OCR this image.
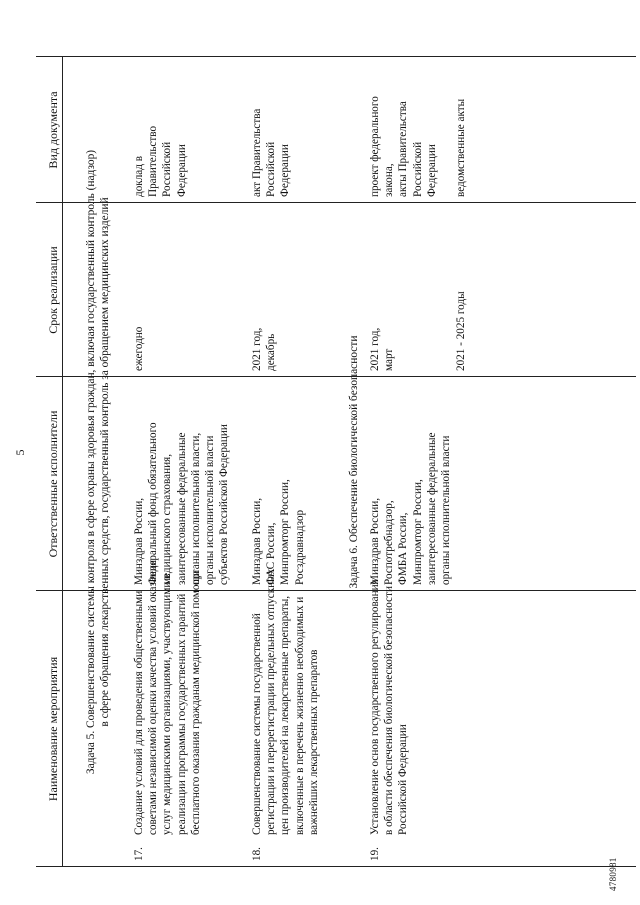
5
4780981
Наименование мероприятия
Ответственные исполнители
Срок реализации
Вид документа
Задача 5. Совершенствование системы контроля в сфере охраны здоровья граждан, включая государственный контроль (надзор) в сфере обращения лекарственных средств, государственный контроль за обращением медицинских изделий
17.
Создание условий для проведения общественными советами независимой оценки качества условий оказания услуг медицинскими организациями, участвующими в реализации программы государственных гарантий бесплатного оказания гражданам медицинской помощи
Минздрав России, Федеральный фонд обязательного медицинского страхования, заинтересованные федеральные органы исполнительной власти, органы исполнительной власти субъектов Российской Федерации
ежегодно
доклад в Правительство Российской Федерации
18.
Совершенствование системы государственной регистрации и перерегистрации предельных отпускных цен производителей на лекарственные препараты, включенные в перечень жизненно необходимых и важнейших лекарственных препаратов
Минздрав России, ФАС России, Минпромторг России, Росздравнадзор
2021 год, декабрь
акт Правительства Российской Федерации
Задача 6. Обеспечение биологической безопасности
19.
Установление основ государственного регулирования в области обеспечения биологической безопасности Российской Федерации
Минздрав России, Роспотребнадзор, ФМБА России, Минпромторг России, заинтересованные федеральные органы исполнительной власти
2021 год, март
проект федерального закона, акты Правительства Российской Федерации
2021 - 2025 годы
ведомственные акты
